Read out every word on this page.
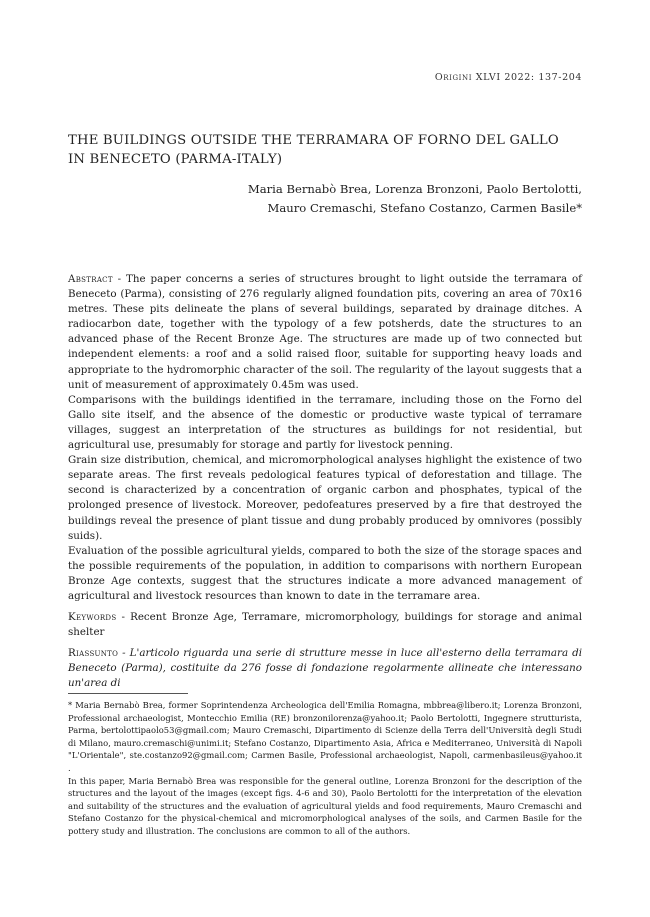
Origini XLVI 2022: 137-204
THE BUILDINGS OUTSIDE THE TERRAMARA OF FORNO DEL GALLO
IN BENECETO (PARMA-ITALY)
Maria Bernabò Brea, Lorenza Bronzoni, Paolo Bertolotti,
Mauro Cremaschi, Stefano Costanzo, Carmen Basile*

Abstract - The paper concerns a series of structures brought to light outside the terramara of Beneceto (Parma), consisting of 276 regularly aligned foundation pits, covering an area of 70x16 metres. These pits delineate the plans of several buildings, separated by drainage ditches. A radiocarbon date, together with the typology of a few potsherds, date the structures to an advanced phase of the Recent Bronze Age. The structures are made up of two connected but independent elements: a roof and a solid raised floor, suitable for supporting heavy loads and appropriate to the hydromorphic character of the soil. The regularity of the layout suggests that a unit of measurement of approximately 0.45m was used.

Comparisons with the buildings identified in the terramare, including those on the Forno del Gallo site itself, and the absence of the domestic or productive waste typical of terramare villages, suggest an interpretation of the structures as buildings for not residential, but agricultural use, presumably for storage and partly for livestock penning.

Grain size distribution, chemical, and micromorphological analyses highlight the existence of two separate areas. The first reveals pedological features typical of deforestation and tillage. The second is characterized by a concentration of organic carbon and phosphates, typical of the prolonged presence of livestock. Moreover, pedofeatures preserved by a fire that destroyed the buildings reveal the presence of plant tissue and dung probably produced by omnivores (possibly suids).

Evaluation of the possible agricultural yields, compared to both the size of the storage spaces and the possible requirements of the population, in addition to comparisons with northern European Bronze Age contexts, suggest that the structures indicate a more advanced management of agricultural and livestock resources than known to date in the terramare area.

Keywords - Recent Bronze Age, Terramare, micromorphology, buildings for storage and animal shelter

Riassunto - L'articolo riguarda una serie di strutture messe in luce all'esterno della terramara di Beneceto (Parma), costituite da 276 fosse di fondazione regolarmente allineate che interessano un'area di

* Maria Bernabò Brea, former Soprintendenza Archeologica dell'Emilia Romagna, mbbrea@libero.it; Lorenza Bronzoni, Professional archaeologist, Montecchio Emilia (RE) bronzonilorenza@yahoo.it; Paolo Bertolotti, Ingegnere strutturista, Parma, bertolottipaolo53@gmail.com; Mauro Cremaschi, Dipartimento di Scienze della Terra dell'Università degli Studi di Milano, mauro.cremaschi@unimi.it; Stefano Costanzo, Dipartimento Asia, Africa e Mediterraneo, Università di Napoli "L'Orientale", ste.costanzo92@gmail.com; Carmen Basile, Professional archaeologist, Napoli, carmenbasileus@yahoo.it .

In this paper, Maria Bernabò Brea was responsible for the general outline, Lorenza Bronzoni for the description of the structures and the layout of the images (except figs. 4-6 and 30), Paolo Bertolotti for the interpretation of the elevation and suitability of the structures and the evaluation of agricultural yields and food requirements, Mauro Cremaschi and Stefano Costanzo for the physical-chemical and micromorphological analyses of the soils, and Carmen Basile for the pottery study and illustration. The conclusions are common to all of the authors.
